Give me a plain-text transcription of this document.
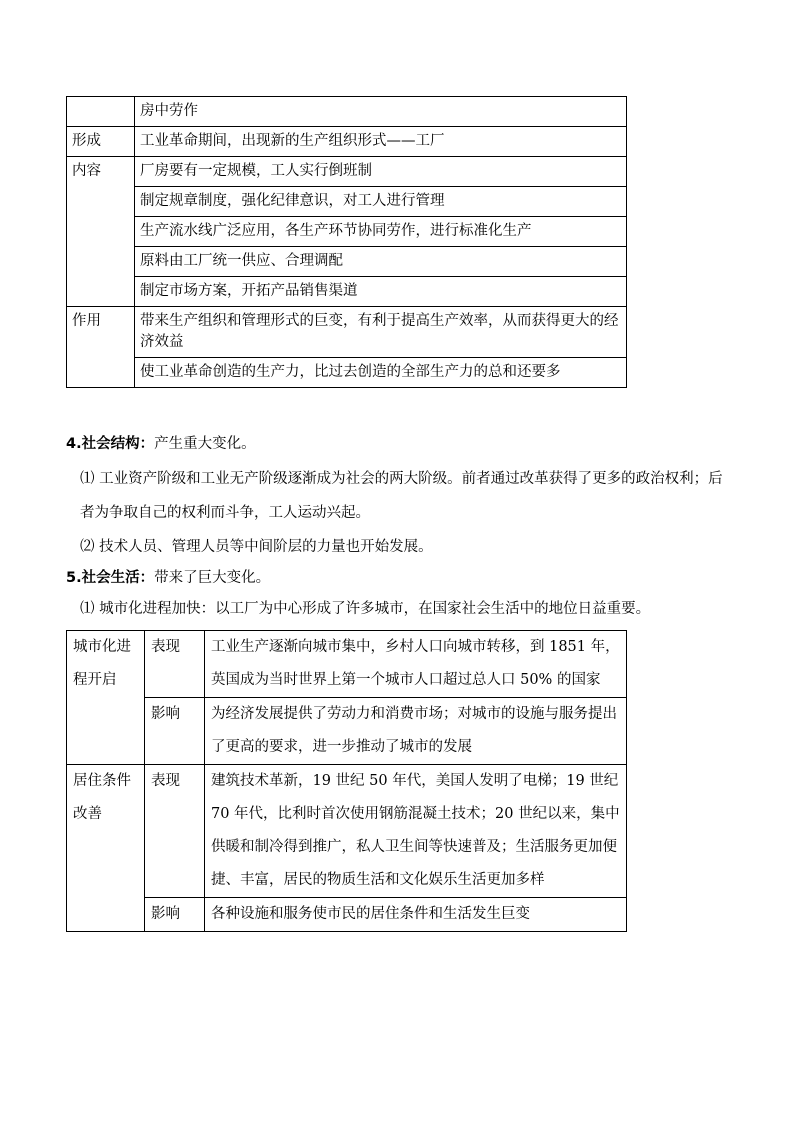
	房中劳作
形成	工业革命期间，出现新的生产组织形式——工厂
内容	厂房要有一定规模，工人实行倒班制
	制定规章制度，强化纪律意识，对工人进行管理
	生产流水线广泛应用，各生产环节协同劳作，进行标准化生产
	原料由工厂统一供应、合理调配
	制定市场方案，开拓产品销售渠道
作用	带来生产组织和管理形式的巨变，有利于提高生产效率，从而获得更大的经济效益
	使工业革命创造的生产力，比过去创造的全部生产力的总和还要多

4.社会结构：产生重大变化。

⑴ 工业资产阶级和工业无产阶级逐渐成为社会的两大阶级。前者通过改革获得了更多的政治权利；后者为争取自己的权利而斗争，工人运动兴起。

⑵ 技术人员、管理人员等中间阶层的力量也开始发展。

5.社会生活：带来了巨大变化。

⑴ 城市化进程加快：以工厂为中心形成了许多城市，在国家社会生活中的地位日益重要。

城市化进程开启	表现	工业生产逐渐向城市集中，乡村人口向城市转移，到 1851 年，英国成为当时世界上第一个城市人口超过总人口 50% 的国家
	影响	为经济发展提供了劳动力和消费市场；对城市的设施与服务提出了更高的要求，进一步推动了城市的发展
居住条件改善	表现	建筑技术革新，19 世纪 50 年代，美国人发明了电梯；19 世纪 70 年代，比利时首次使用钢筋混凝土技术；20 世纪以来，集中供暖和制冷得到推广，私人卫生间等快速普及；生活服务更加便捷、丰富，居民的物质生活和文化娱乐生活更加多样
	影响	各种设施和服务使市民的居住条件和生活发生巨变
